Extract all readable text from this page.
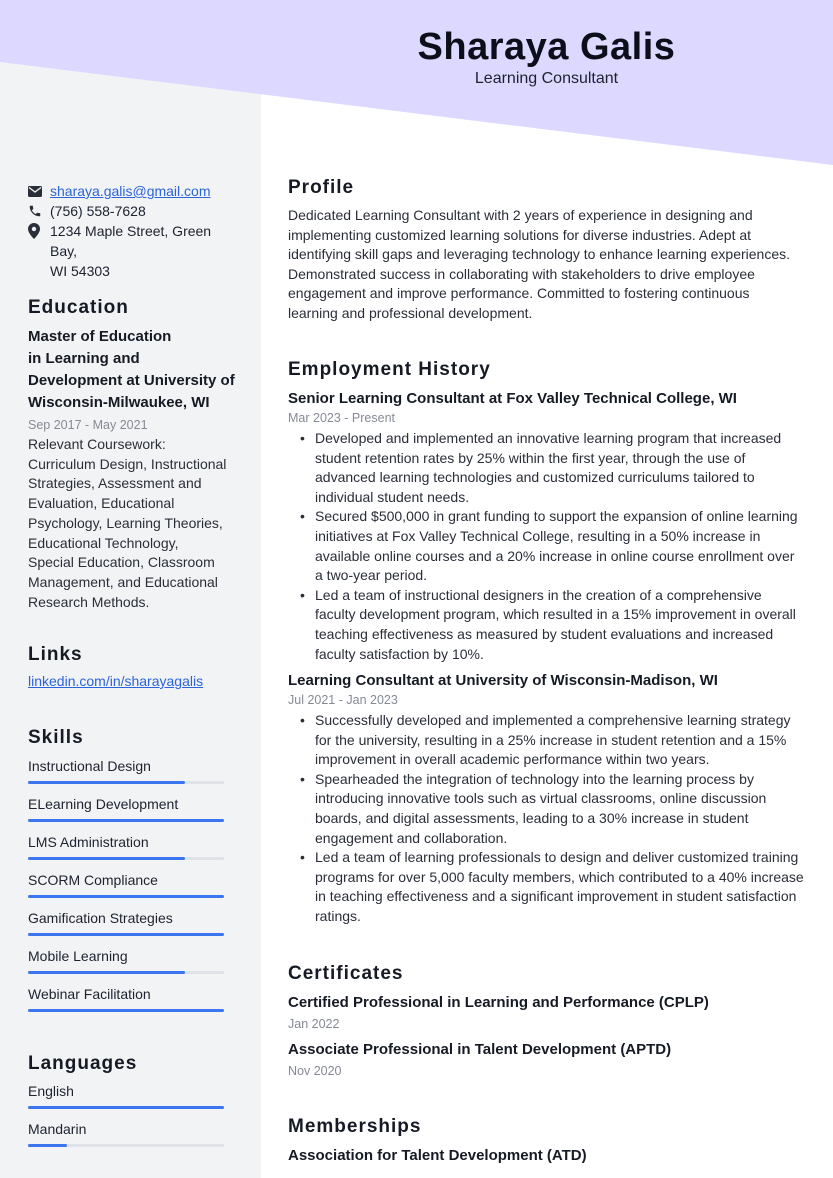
Sharaya Galis
Learning Consultant
sharaya.galis@gmail.com
(756) 558-7628
1234 Maple Street, Green Bay,
WI 54303
Education
Master of Education
in Learning and
Development at University of
Wisconsin-Milwaukee, WI
Sep 2017 - May 2021
Relevant Coursework:
Curriculum Design, Instructional
Strategies, Assessment and
Evaluation, Educational
Psychology, Learning Theories,
Educational Technology,
Special Education, Classroom
Management, and Educational
Research Methods.
Links
linkedin.com/in/sharayagalis
Skills
Instructional Design
ELearning Development
LMS Administration
SCORM Compliance
Gamification Strategies
Mobile Learning
Webinar Facilitation
Languages
English
Mandarin
Profile
Dedicated Learning Consultant with 2 years of experience in designing and
implementing customized learning solutions for diverse industries. Adept at
identifying skill gaps and leveraging technology to enhance learning experiences.
Demonstrated success in collaborating with stakeholders to drive employee
engagement and improve performance. Committed to fostering continuous
learning and professional development.
Employment History
Senior Learning Consultant at Fox Valley Technical College, WI
Mar 2023 - Present
• Developed and implemented an innovative learning program that increased
student retention rates by 25% within the first year, through the use of
advanced learning technologies and customized curriculums tailored to
individual student needs.
• Secured $500,000 in grant funding to support the expansion of online learning
initiatives at Fox Valley Technical College, resulting in a 50% increase in
available online courses and a 20% increase in online course enrollment over
a two-year period.
• Led a team of instructional designers in the creation of a comprehensive
faculty development program, which resulted in a 15% improvement in overall
teaching effectiveness as measured by student evaluations and increased
faculty satisfaction by 10%.
Learning Consultant at University of Wisconsin-Madison, WI
Jul 2021 - Jan 2023
• Successfully developed and implemented a comprehensive learning strategy
for the university, resulting in a 25% increase in student retention and a 15%
improvement in overall academic performance within two years.
• Spearheaded the integration of technology into the learning process by
introducing innovative tools such as virtual classrooms, online discussion
boards, and digital assessments, leading to a 30% increase in student
engagement and collaboration.
• Led a team of learning professionals to design and deliver customized training
programs for over 5,000 faculty members, which contributed to a 40% increase
in teaching effectiveness and a significant improvement in student satisfaction
ratings.
Certificates
Certified Professional in Learning and Performance (CPLP)
Jan 2022
Associate Professional in Talent Development (APTD)
Nov 2020
Memberships
Association for Talent Development (ATD)
